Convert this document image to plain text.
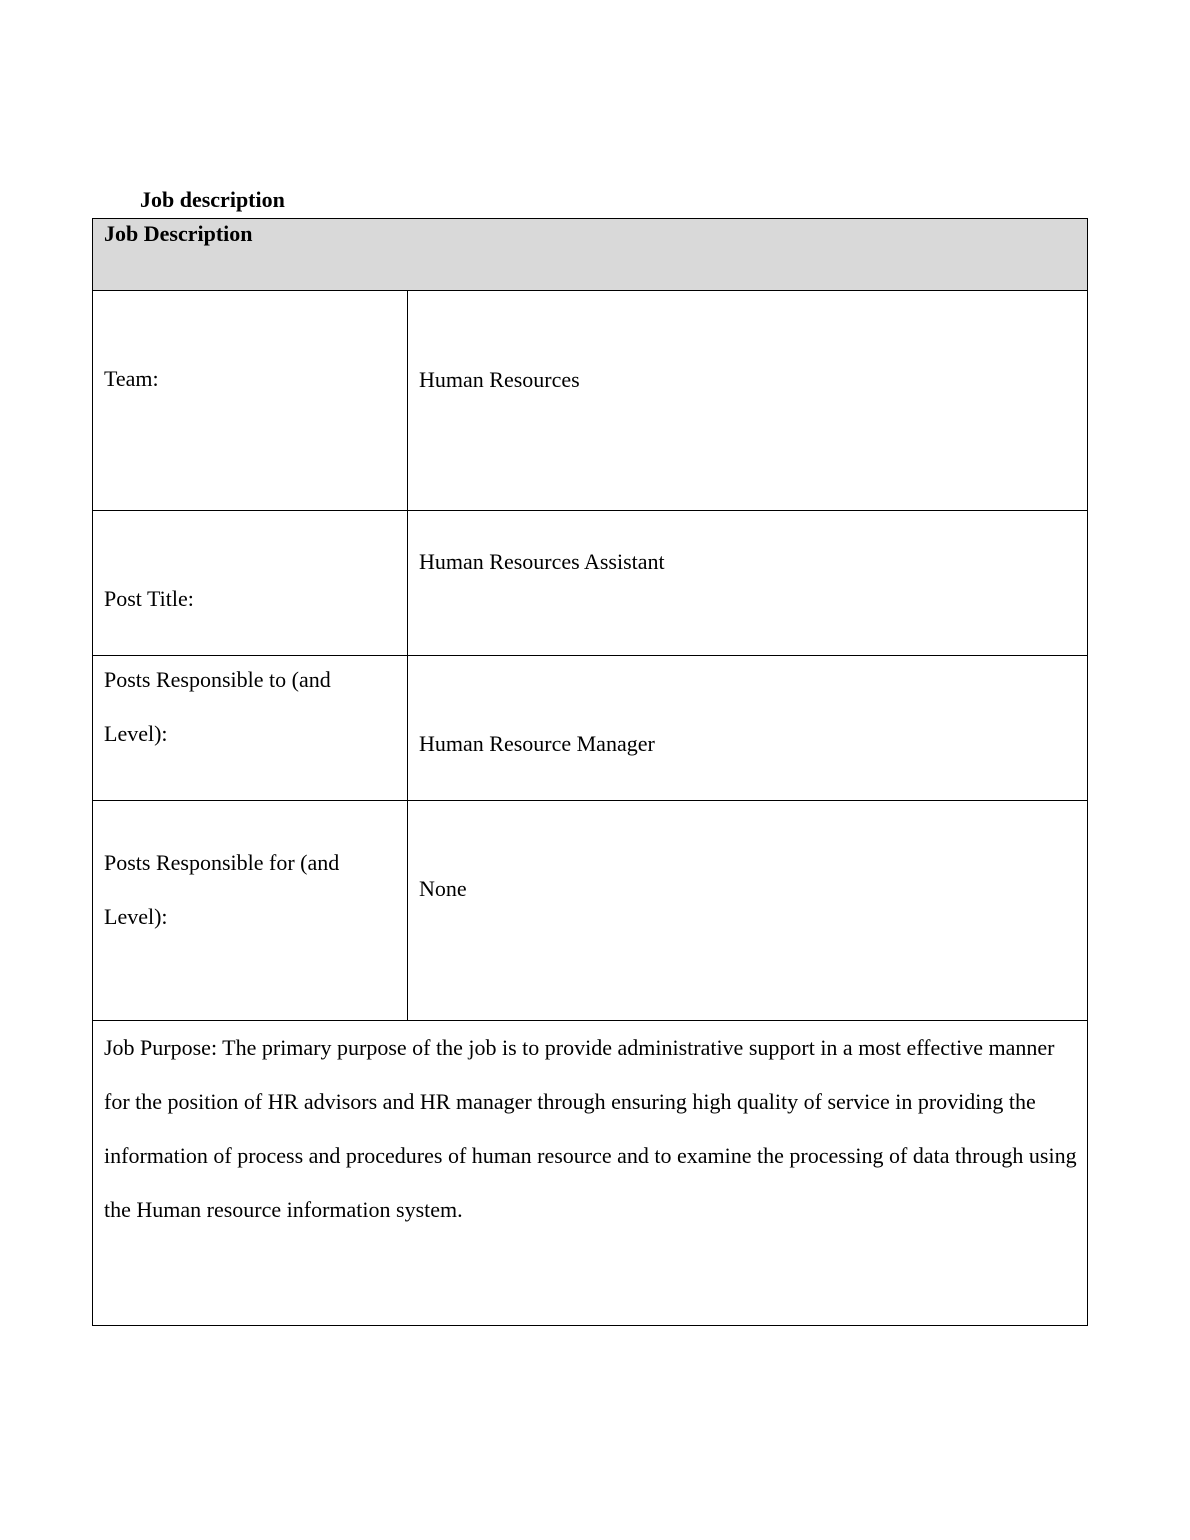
Job description
Job Description
Team:	Human Resources
Post Title:
Human Resources Assistant
Posts Responsible to (and
Level):	Human Resource Manager
Posts Responsible for (and
Level):
None
Job Purpose: The primary purpose of the job is to provide administrative support in a most effective manner for the position of HR advisors and HR manager through ensuring high quality of service in providing the information of process and procedures of human resource and to examine the processing of data through using the Human resource information system.
